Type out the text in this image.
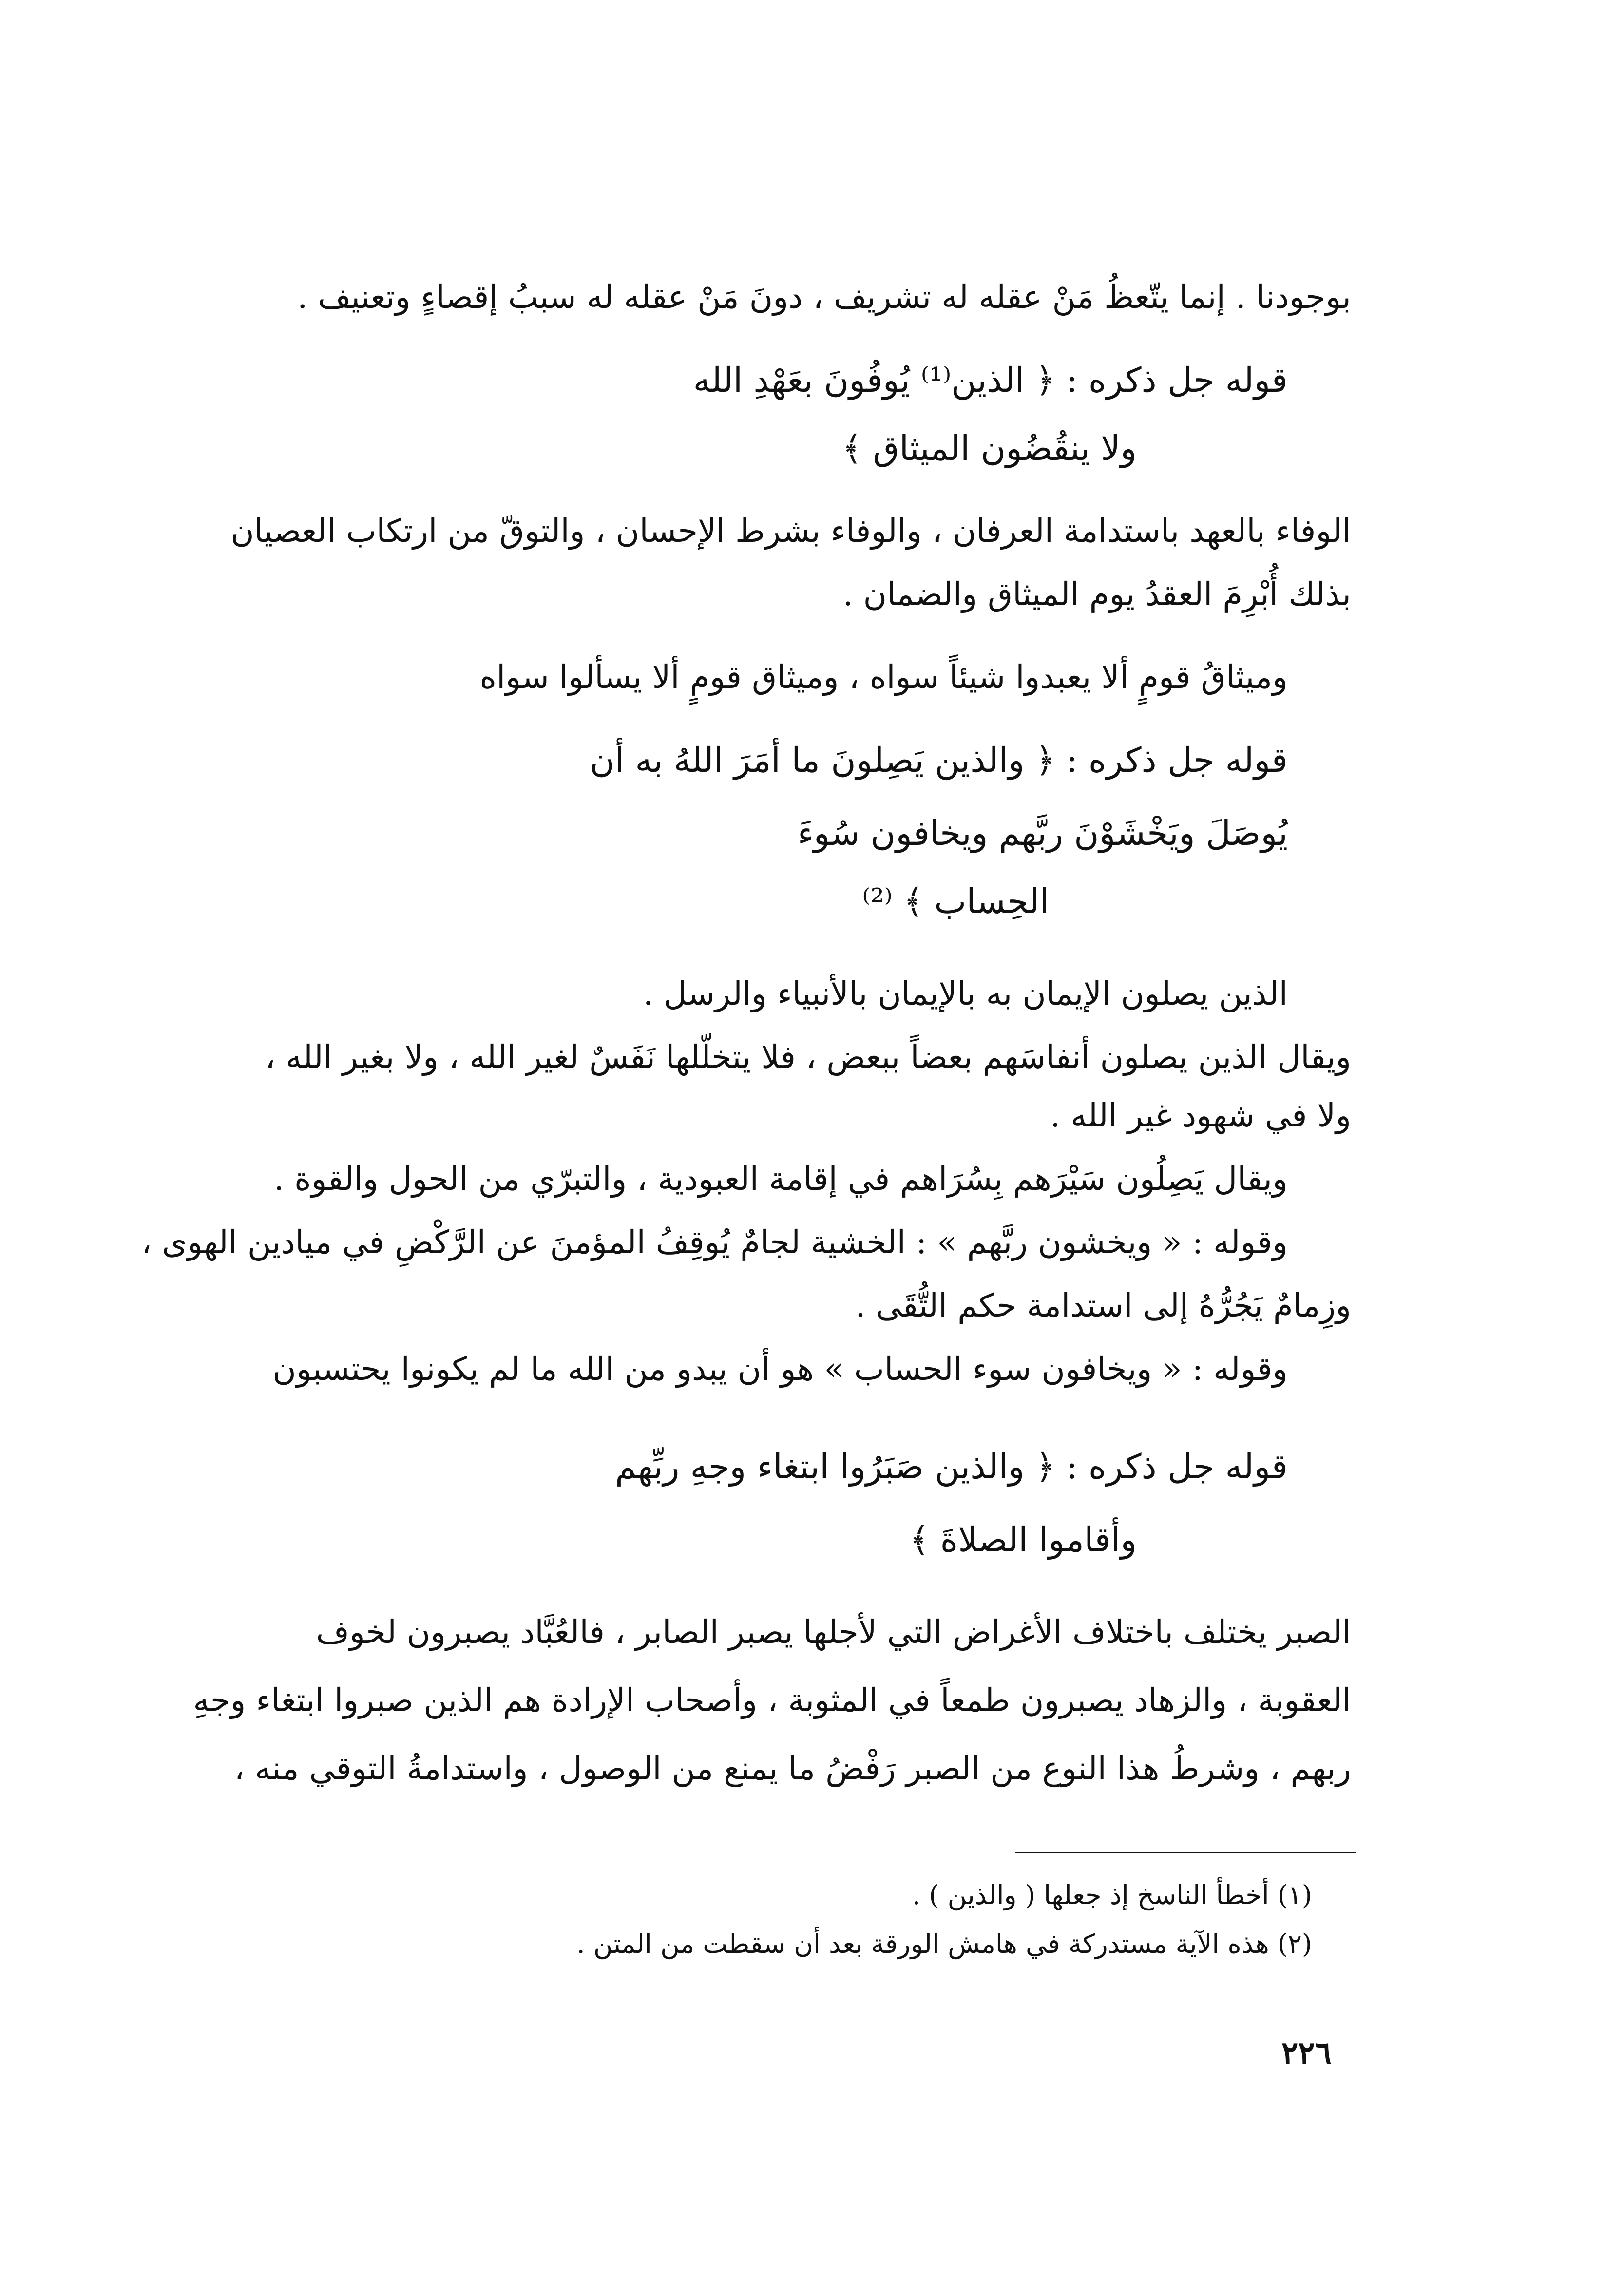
بوجودنا . إنما يتّعظُ مَنْ عقله له تشريف ، دونَ مَنْ عقله له سببُ إقصاءٍ وتعنيف .
قوله جل ذكره : ﴿ الذين⁽¹⁾ يُوفُونَ بعَهْدِ الله
ولا ينقُضُون الميثاق ﴾
الوفاء بالعهد باستدامة العرفان ، والوفاء بشرط الإحسان ، والتوقّ من ارتكاب العصيان
بذلك أُبْرِمَ العقدُ يوم الميثاق والضمان .
وميثاقُ قومٍ ألا يعبدوا شيئاً سواه ، وميثاق قومٍ ألا يسألوا سواه
قوله جل ذكره : ﴿ والذين يَصِلونَ ما أمَرَ اللهُ به أن
يُوصَلَ ويَخْشَوْنَ ربَّهم ويخافون سُوءَ
الحِساب ﴾ ⁽²⁾
الذين يصلون الإيمان به بالإيمان بالأنبياء والرسل .
ويقال الذين يصلون أنفاسَهم بعضاً ببعض ، فلا يتخلّلها نَفَسٌ لغير الله ، ولا بغير الله ،
ولا في شهود غير الله .
ويقال يَصِلُون سَيْرَهم بِسُرَاهم في إقامة العبودية ، والتبرّي من الحول والقوة .
وقوله : « ويخشون ربَّهم » : الخشية لجامٌ يُوقِفُ المؤمنَ عن الرَّكْضِ في ميادين الهوى ،
وزِمامٌ يَجُرُّهُ إلى استدامة حكم التُّقَى .
وقوله : « ويخافون سوء الحساب » هو أن يبدو من الله ما لم يكونوا يحتسبون
قوله جل ذكره : ﴿ والذين صَبَرُوا ابتغاء وجهِ ربِّهم
وأقاموا الصلاةَ ﴾
الصبر يختلف باختلاف الأغراض التي لأجلها يصبر الصابر ، فالعُبَّاد يصبرون لخوف
العقوبة ، والزهاد يصبرون طمعاً في المثوبة ، وأصحاب الإرادة هم الذين صبروا ابتغاء وجهِ
ربهم ، وشرطُ هذا النوع من الصبر رَفْضُ ما يمنع من الوصول ، واستدامةُ التوقي منه ،
(١) أخطأ الناسخ إذ جعلها ( والذين ) .
(٢) هذه الآية مستدركة في هامش الورقة بعد أن سقطت من المتن .
٢٢٦
